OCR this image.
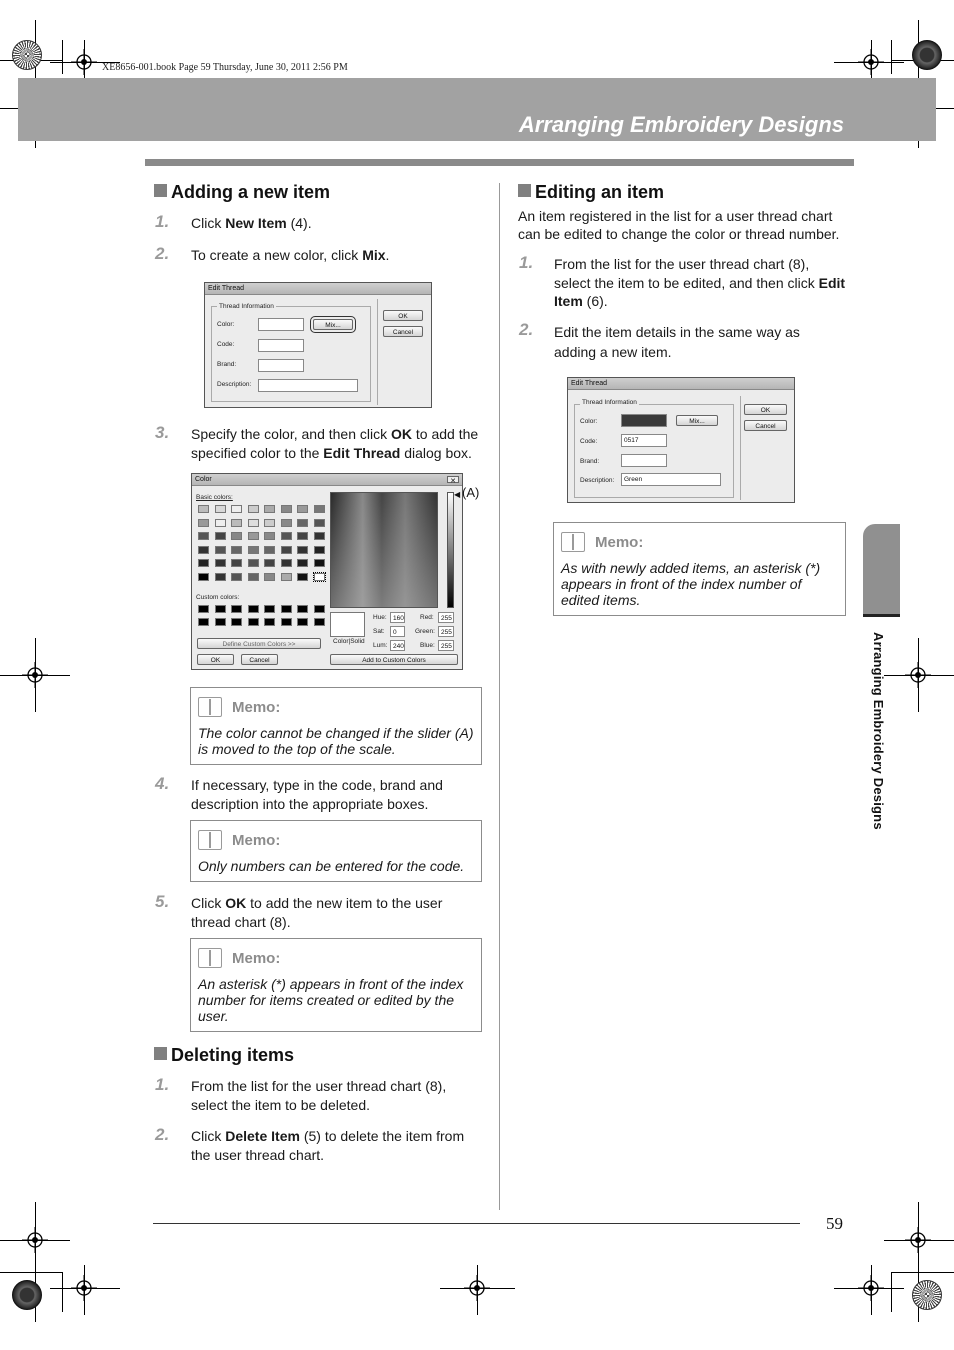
XE8656-001.book Page 59 Thursday, June 30, 2011 2:56 PM
Arranging Embroidery Designs
Adding a new item
1. Click New Item (4).
2. To create a new color, click Mix.
Edit Thread
Thread Information
Color:	Mix...
Code:
Brand:
Description:
OK
Cancel
3. Specify the color, and then click OK to add the specified color to the Edit Thread dialog box.
Color	✕
Basic colors:
Custom colors:
Define Custom Colors >>
OK	Cancel
◀
Color|Solid
Hue: 160
Sat:	0
Lum: 240
Red:	255
Green: 255
Blue: 255
Add to Custom Colors
(A)
Memo:
The color cannot be changed if the slider (A) is moved to the top of the scale.
4. If necessary, type in the code, brand and description into the appropriate boxes.
Memo:
Only numbers can be entered for the code.
5. Click OK to add the new item to the user thread chart (8).
Memo:
An asterisk (*) appears in front of the index number for items created or edited by the user.
Deleting items
1. From the list for the user thread chart (8), select the item to be deleted.
2. Click Delete Item (5) to delete the item from the user thread chart.
Editing an item
An item registered in the list for a user thread chart can be edited to change the color or thread number.
1. From the list for the user thread chart (8), select the item to be edited, and then click Edit Item (6).
2. Edit the item details in the same way as adding a new item.
Edit Thread
Thread Information
Color:	Mix...
Code:	0517
Brand:
Description:	Green
OK
Cancel
Memo:
As with newly added items, an asterisk (*) appears in front of the index number of edited items.
Arranging Embroidery Designs
59
